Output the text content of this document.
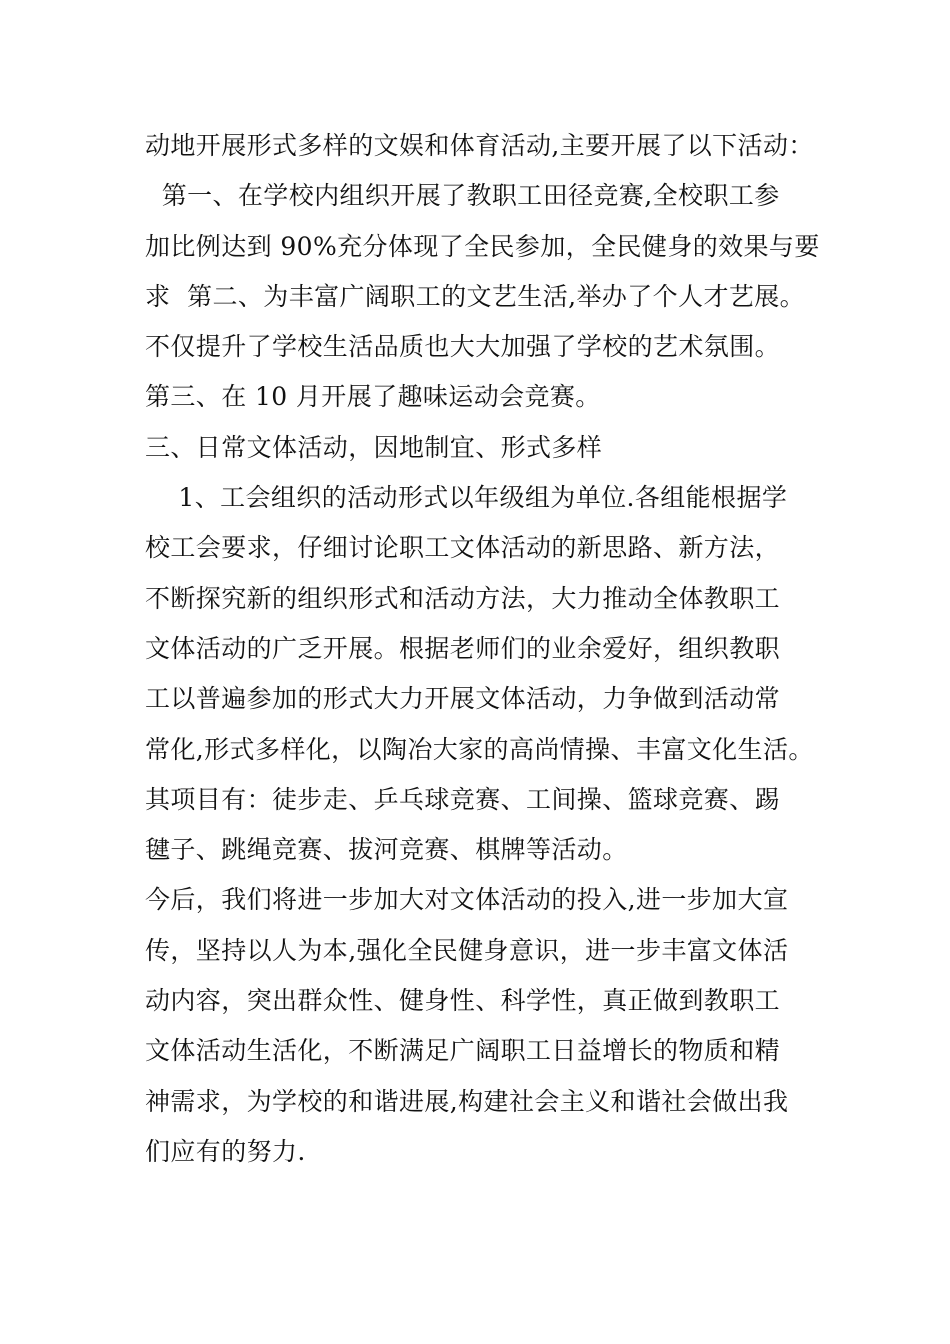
动地开展形式多样的文娱和体育活动,主要开展了以下活动：
第一、在学校内组织开展了教职工田径竞赛,全校职工参
加比例达到 90%充分体现了全民参加，全民健身的效果与要
求  第二、为丰富广阔职工的文艺生活,举办了个人才艺展。
不仅提升了学校生活品质也大大加强了学校的艺术氛围。
第三、在 10 月开展了趣味运动会竞赛。
三、日常文体活动，因地制宜、形式多样
1、工会组织的活动形式以年级组为单位.各组能根据学
校工会要求，仔细讨论职工文体活动的新思路、新方法，
不断探究新的组织形式和活动方法，大力推动全体教职工
文体活动的广乏开展。根据老师们的业余爱好，组织教职
工以普遍参加的形式大力开展文体活动，力争做到活动常
常化,形式多样化，以陶冶大家的高尚情操、丰富文化生活。
其项目有：徒步走、乒乓球竞赛、工间操、篮球竞赛、踢
毽子、跳绳竞赛、拔河竞赛、棋牌等活动。
今后，我们将进一步加大对文体活动的投入,进一步加大宣
传，坚持以人为本,强化全民健身意识，进一步丰富文体活
动内容，突出群众性、健身性、科学性，真正做到教职工
文体活动生活化，不断满足广阔职工日益增长的物质和精
神需求，为学校的和谐进展,构建社会主义和谐社会做出我
们应有的努力.
